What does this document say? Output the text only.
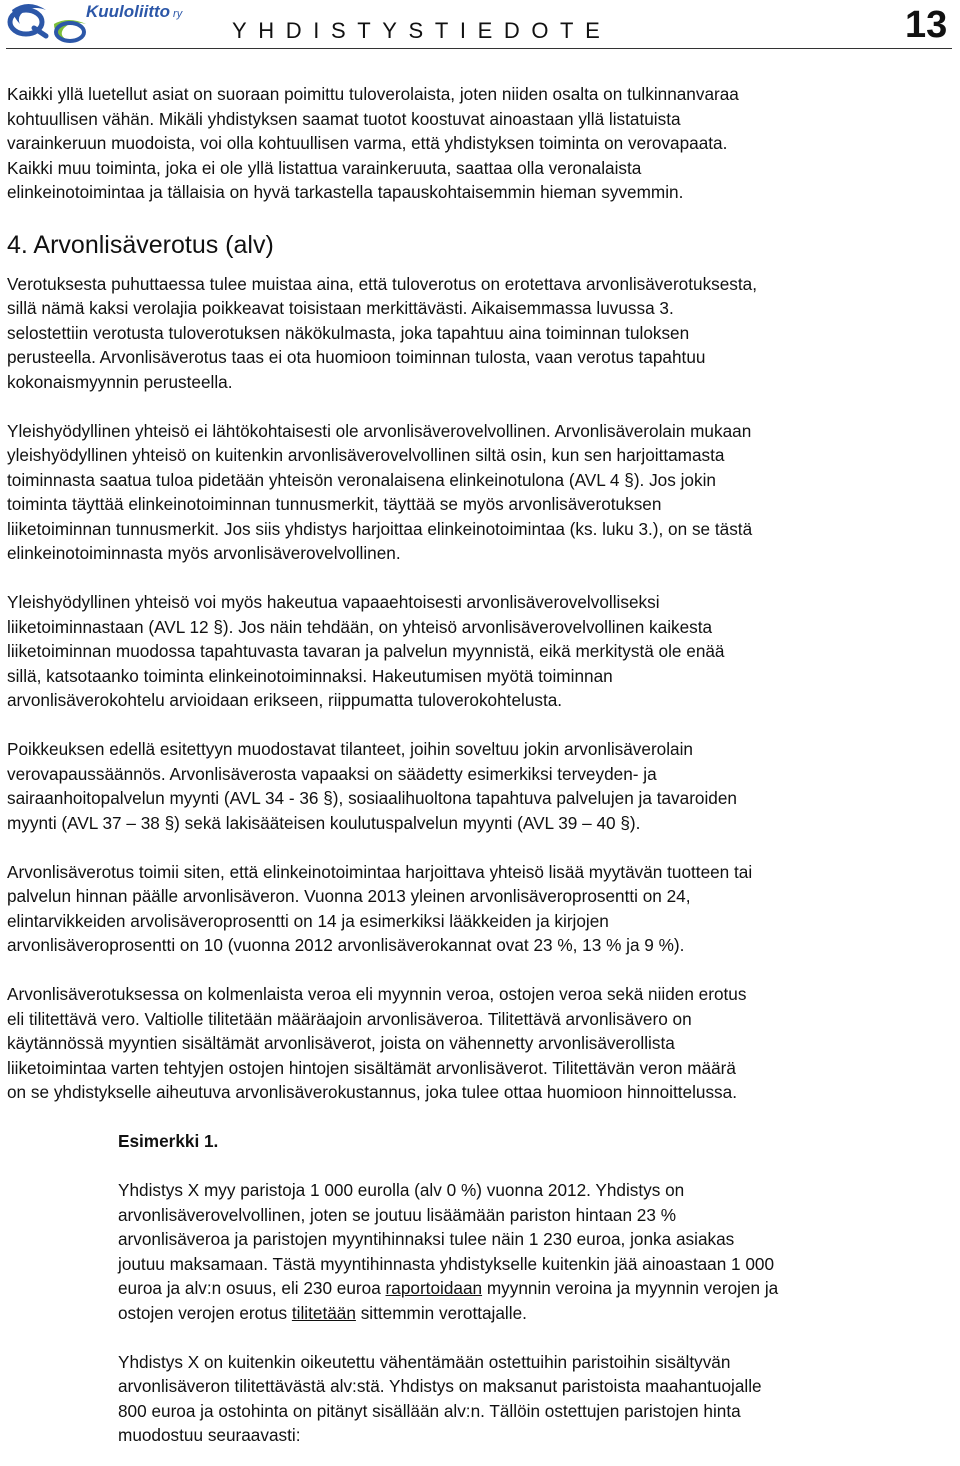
Kuuloliitto ry
YHDISTYSTIEDOTE	13

Kaikki yllä luetellut asiat on suoraan poimittu tuloverolaista, joten niiden osalta on tulkinnanvaraa

kohtuullisen vähän. Mikäli yhdistyksen saamat tuotot koostuvat ainoastaan yllä listatuista

varainkeruun muodoista, voi olla kohtuullisen varma, että yhdistyksen toiminta on verovapaata.

Kaikki muu toiminta, joka ei ole yllä listattua varainkeruuta, saattaa olla veronalaista

elinkeinotoimintaa ja tällaisia on hyvä tarkastella tapauskohtaisemmin hieman syvemmin.

4. Arvonlisäverotus (alv)

Verotuksesta puhuttaessa tulee muistaa aina, että tuloverotus on erotettava arvonlisäverotuksesta,

sillä nämä kaksi verolajia poikkeavat toisistaan merkittävästi. Aikaisemmassa luvussa 3.

selostettiin verotusta tuloverotuksen näkökulmasta, joka tapahtuu aina toiminnan tuloksen

perusteella. Arvonlisäverotus taas ei ota huomioon toiminnan tulosta, vaan verotus tapahtuu

kokonaismyynnin perusteella.

Yleishyödyllinen yhteisö ei lähtökohtaisesti ole arvonlisäverovelvollinen. Arvonlisäverolain mukaan

yleishyödyllinen yhteisö on kuitenkin arvonlisäverovelvollinen siltä osin, kun sen harjoittamasta

toiminnasta saatua tuloa pidetään yhteisön veronalaisena elinkeinotulona (AVL 4 §). Jos jokin

toiminta täyttää elinkeinotoiminnan tunnusmerkit, täyttää se myös arvonlisäverotuksen

liiketoiminnan tunnusmerkit. Jos siis yhdistys harjoittaa elinkeinotoimintaa (ks. luku 3.), on se tästä

elinkeinotoiminnasta myös arvonlisäverovelvollinen.

Yleishyödyllinen yhteisö voi myös hakeutua vapaaehtoisesti arvonlisäverovelvolliseksi

liiketoiminnastaan (AVL 12 §). Jos näin tehdään, on yhteisö arvonlisäverovelvollinen kaikesta

liiketoiminnan muodossa tapahtuvasta tavaran ja palvelun myynnistä, eikä merkitystä ole enää

sillä, katsotaanko toiminta elinkeinotoiminnaksi. Hakeutumisen myötä toiminnan

arvonlisäverokohtelu arvioidaan erikseen, riippumatta tuloverokohtelusta.

Poikkeuksen edellä esitettyyn muodostavat tilanteet, joihin soveltuu jokin arvonlisäverolain

verovapaussäännös. Arvonlisäverosta vapaaksi on säädetty esimerkiksi terveyden- ja

sairaanhoitopalvelun myynti (AVL 34 - 36 §), sosiaalihuoltona tapahtuva palvelujen ja tavaroiden

myynti (AVL 37 – 38 §) sekä lakisääteisen koulutuspalvelun myynti (AVL 39 – 40 §).

Arvonlisäverotus toimii siten, että elinkeinotoimintaa harjoittava yhteisö lisää myytävän tuotteen tai

palvelun hinnan päälle arvonlisäveron. Vuonna 2013 yleinen arvonlisäveroprosentti on 24,

elintarvikkeiden arvolisäveroprosentti on 14 ja esimerkiksi lääkkeiden ja kirjojen

arvonlisäveroprosentti on 10 (vuonna 2012 arvonlisäverokannat ovat 23 %, 13 % ja 9 %).

Arvonlisäverotuksessa on kolmenlaista veroa eli myynnin veroa, ostojen veroa sekä niiden erotus

eli tilitettävä vero. Valtiolle tilitetään määräajoin arvonlisäveroa. Tilitettävä arvonlisävero on

käytännössä myyntien sisältämät arvonlisäverot, joista on vähennetty arvonlisäverollista

liiketoimintaa varten tehtyjen ostojen hintojen sisältämät arvonlisäverot. Tilitettävän veron määrä

on se yhdistykselle aiheutuva arvonlisäverokustannus, joka tulee ottaa huomioon hinnoittelussa.

Esimerkki 1.

Yhdistys X myy paristoja 1 000 eurolla (alv 0 %) vuonna 2012. Yhdistys on

arvonlisäverovelvollinen, joten se joutuu lisäämään pariston hintaan 23 %

arvonlisäveroa ja paristojen myyntihinnaksi tulee näin 1 230 euroa, jonka asiakas

joutuu maksamaan. Tästä myyntihinnasta yhdistykselle kuitenkin jää ainoastaan 1 000

euroa ja alv:n osuus, eli 230 euroa raportoidaan myynnin veroina ja myynnin verojen ja

ostojen verojen erotus tilitetään sittemmin verottajalle.

Yhdistys X on kuitenkin oikeutettu vähentämään ostettuihin paristoihin sisältyvän

arvonlisäveron tilitettävästä alv:stä. Yhdistys on maksanut paristoista maahantuojalle

800 euroa ja ostohinta on pitänyt sisällään alv:n. Tällöin ostettujen paristojen hinta

muodostuu seuraavasti:
